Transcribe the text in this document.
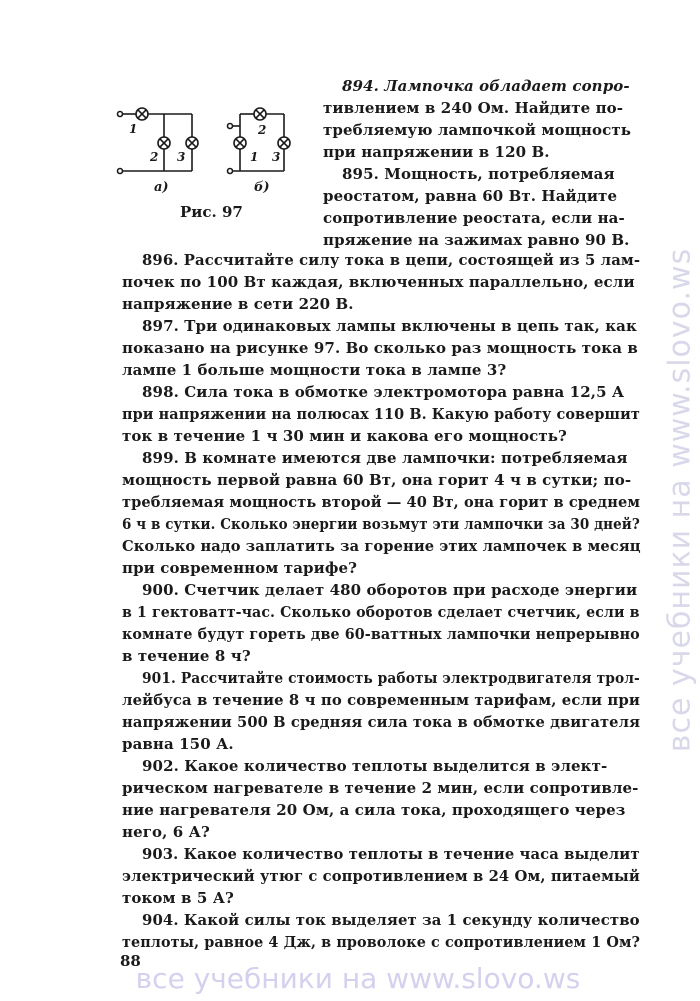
1
2 3
2
1 3
а)	б)
Рис. 97
894. Лампочка обладает сопро-
тивлением в 240 Ом. Найдите по-
требляемую лампочкой мощность
при напряжении в 120 В.
895. Мощность, потребляемая
реостатом, равна 60 Вт. Найдите
сопротивление реостата, если на-
пряжение на зажимах равно 90 В.
896. Рассчитайте силу тока в цепи, состоящей из 5 лам-
почек по 100 Вт каждая, включенных параллельно, если
напряжение в сети 220 В.
897. Три одинаковых лампы включены в цепь так, как
показано на рисунке 97. Во сколько раз мощность тока в
лампе 1 больше мощности тока в лампе 3?
898. Сила тока в обмотке электромотора равна 12,5 А
при напряжении на полюсах 110 В. Какую работу совершит
ток в течение 1 ч 30 мин и какова его мощность?
899. В комнате имеются две лампочки: потребляемая
мощность первой равна 60 Вт, она горит 4 ч в сутки; по-
требляемая мощность второй — 40 Вт, она горит в среднем
6 ч в сутки. Сколько энергии возьмут эти лампочки за 30 дней?
Сколько надо заплатить за горение этих лампочек в месяц
при современном тарифе?
900. Счетчик делает 480 оборотов при расходе энергии
в 1 гектоватт-час. Сколько оборотов сделает счетчик, если в
комнате будут гореть две 60-ваттных лампочки непрерывно
в течение 8 ч?
901. Рассчитайте стоимость работы электродвигателя трол-
лейбуса в течение 8 ч по современным тарифам, если при
напряжении 500 В средняя сила тока в обмотке двигателя
равна 150 А.
902. Какое количество теплоты выделится в элект-
рическом нагревателе в течение 2 мин, если сопротивле-
ние нагревателя 20 Ом, а сила тока, проходящего через
него, 6 А?
903. Какое количество теплоты в течение часа выделит
электрический утюг с сопротивлением в 24 Ом, питаемый
током в 5 А?
904. Какой силы ток выделяет за 1 секунду количество
теплоты, равное 4 Дж, в проволоке с сопротивлением 1 Ом?
88
все учебники на www.slovo.ws
все учебники на www.slovo.ws
